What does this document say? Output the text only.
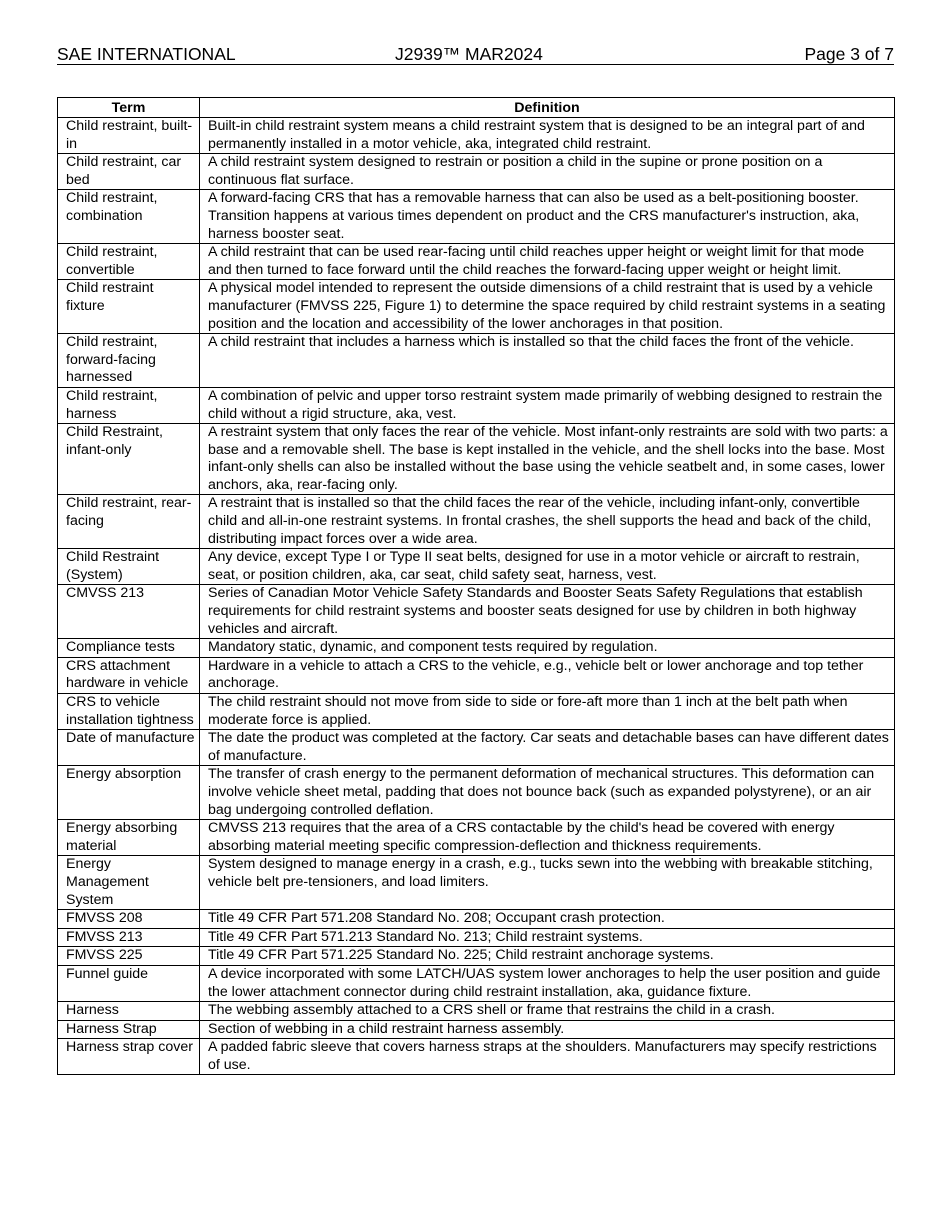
SAE INTERNATIONAL	J2939™ MAR2024	Page 3 of 7
Term	Definition
Child restraint, built-in	Built-in child restraint system means a child restraint system that is designed to be an integral part of and permanently installed in a motor vehicle, aka, integrated child restraint.
Child restraint, car bed	A child restraint system designed to restrain or position a child in the supine or prone position on a continuous flat surface.
Child restraint, combination	A forward-facing CRS that has a removable harness that can also be used as a belt-positioning booster. Transition happens at various times dependent on product and the CRS manufacturer's instruction, aka, harness booster seat.
Child restraint, convertible	A child restraint that can be used rear-facing until child reaches upper height or weight limit for that mode and then turned to face forward until the child reaches the forward-facing upper weight or height limit.
Child restraint fixture	A physical model intended to represent the outside dimensions of a child restraint that is used by a vehicle manufacturer (FMVSS 225, Figure 1) to determine the space required by child restraint systems in a seating position and the location and accessibility of the lower anchorages in that position.
Child restraint, forward-facing harnessed	A child restraint that includes a harness which is installed so that the child faces the front of the vehicle.
Child restraint, harness	A combination of pelvic and upper torso restraint system made primarily of webbing designed to restrain the child without a rigid structure, aka, vest.
Child Restraint, infant-only	A restraint system that only faces the rear of the vehicle. Most infant-only restraints are sold with two parts: a base and a removable shell. The base is kept installed in the vehicle, and the shell locks into the base. Most infant-only shells can also be installed without the base using the vehicle seatbelt and, in some cases, lower anchors, aka, rear-facing only.
Child restraint, rear-facing	A restraint that is installed so that the child faces the rear of the vehicle, including infant-only, convertible child and all-in-one restraint systems. In frontal crashes, the shell supports the head and back of the child, distributing impact forces over a wide area.
Child Restraint (System)	Any device, except Type I or Type II seat belts, designed for use in a motor vehicle or aircraft to restrain, seat, or position children, aka, car seat, child safety seat, harness, vest.
CMVSS 213	Series of Canadian Motor Vehicle Safety Standards and Booster Seats Safety Regulations that establish requirements for child restraint systems and booster seats designed for use by children in both highway vehicles and aircraft.
Compliance tests	Mandatory static, dynamic, and component tests required by regulation.
CRS attachment hardware in vehicle	Hardware in a vehicle to attach a CRS to the vehicle, e.g., vehicle belt or lower anchorage and top tether anchorage.
CRS to vehicle installation tightness	The child restraint should not move from side to side or fore-aft more than 1 inch at the belt path when moderate force is applied.
Date of manufacture	The date the product was completed at the factory. Car seats and detachable bases can have different dates of manufacture.
Energy absorption	The transfer of crash energy to the permanent deformation of mechanical structures. This deformation can involve vehicle sheet metal, padding that does not bounce back (such as expanded polystyrene), or an air bag undergoing controlled deflation.
Energy absorbing material	CMVSS 213 requires that the area of a CRS contactable by the child's head be covered with energy absorbing material meeting specific compression-deflection and thickness requirements.
Energy Management System	System designed to manage energy in a crash, e.g., tucks sewn into the webbing with breakable stitching, vehicle belt pre-tensioners, and load limiters.
FMVSS 208	Title 49 CFR Part 571.208 Standard No. 208; Occupant crash protection.
FMVSS 213	Title 49 CFR Part 571.213 Standard No. 213; Child restraint systems.
FMVSS 225	Title 49 CFR Part 571.225 Standard No. 225; Child restraint anchorage systems.
Funnel guide	A device incorporated with some LATCH/UAS system lower anchorages to help the user position and guide the lower attachment connector during child restraint installation, aka, guidance fixture.
Harness	The webbing assembly attached to a CRS shell or frame that restrains the child in a crash.
Harness Strap	Section of webbing in a child restraint harness assembly.
Harness strap cover	A padded fabric sleeve that covers harness straps at the shoulders. Manufacturers may specify restrictions of use.
